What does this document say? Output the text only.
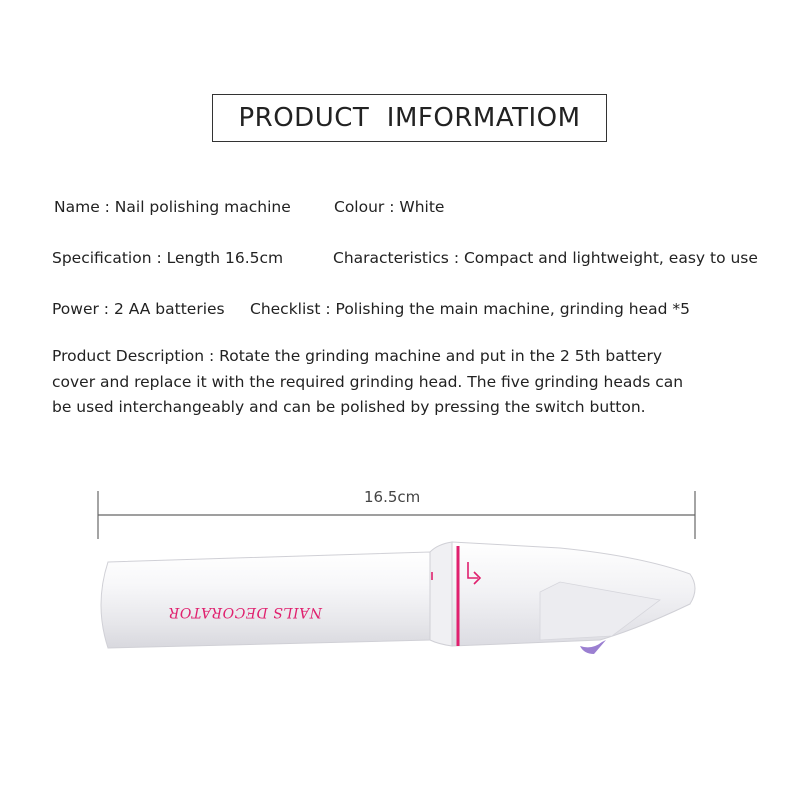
PRODUCT  IMFORMATIOM
Name : Nail polishing machine	Colour : White
Specification : Length 16.5cm	Characteristics : Compact and lightweight, easy to use
Power : 2 AA batteries Checklist : Polishing the main machine, grinding head *5
Product Description : Rotate the grinding machine and put in the 2 5th battery
cover and replace it with the required grinding head. The five grinding heads can
be used interchangeably and can be polished by pressing the switch button.
16.5cm
NAILS DECORATOR
